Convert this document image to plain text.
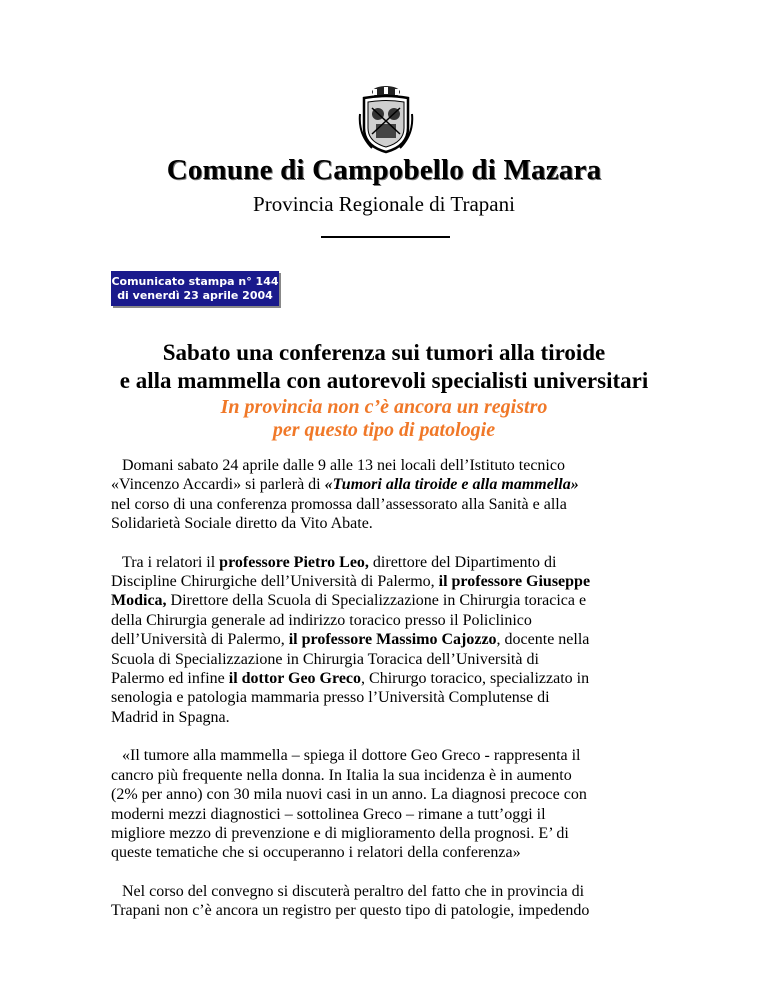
Comune di Campobello di Mazara
Provincia Regionale di Trapani
Comunicato stampa n° 144
di venerdì 23 aprile 2004
Sabato una conferenza sui tumori alla tiroide
e alla mammella con autorevoli specialisti universitari
In provincia non c’è ancora un registro
per questo tipo di patologie
Domani sabato 24 aprile dalle 9 alle 13 nei locali dell’Istituto tecnico
«Vincenzo Accardi» si parlerà di «Tumori alla tiroide e alla mammella»
nel corso di una conferenza promossa dall’assessorato alla Sanità e alla
Solidarietà Sociale diretto da Vito Abate.
Tra i relatori il professore Pietro Leo, direttore del Dipartimento di
Discipline Chirurgiche dell’Università di Palermo, il professore Giuseppe
Modica, Direttore della Scuola di Specializzazione in Chirurgia toracica e
della Chirurgia generale ad indirizzo toracico presso il Policlinico
dell’Università di Palermo, il professore Massimo Cajozzo, docente nella
Scuola di Specializzazione in Chirurgia Toracica dell’Università di
Palermo ed infine il dottor Geo Greco, Chirurgo toracico, specializzato in
senologia e patologia mammaria presso l’Università Complutense di
Madrid in Spagna.
«Il tumore alla mammella – spiega il dottore Geo Greco - rappresenta il
cancro più frequente nella donna. In Italia la sua incidenza è in aumento
(2% per anno) con 30 mila nuovi casi in un anno. La diagnosi precoce con
moderni mezzi diagnostici – sottolinea Greco – rimane a tutt’oggi il
migliore mezzo di prevenzione e di miglioramento della prognosi. E’ di
queste tematiche che si occuperanno i relatori della conferenza»
Nel corso del convegno si discuterà peraltro del fatto che in provincia di
Trapani non c’è ancora un registro per questo tipo di patologie, impedendo
